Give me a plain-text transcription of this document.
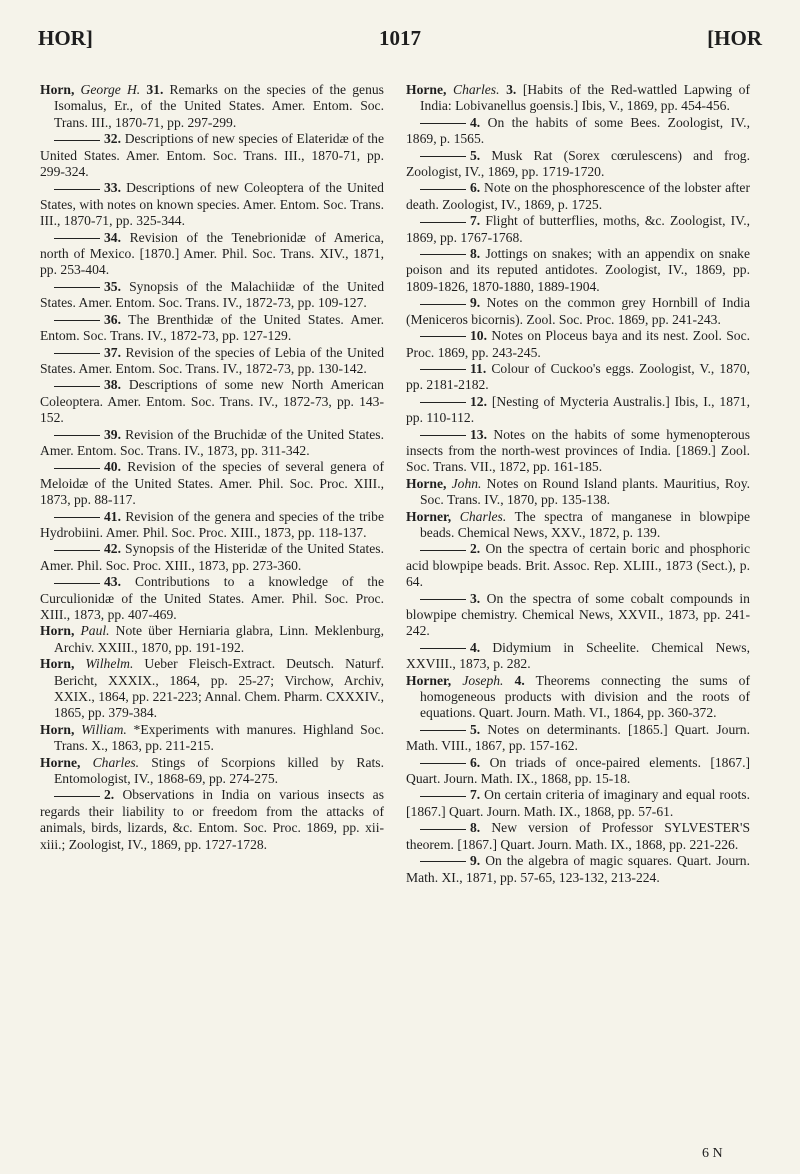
HOR]	1017	[HOR

Horn, George H. 31. Remarks on the species of the genus Isomalus, Er., of the United States. Amer. Entom. Soc. Trans. III., 1870-71, pp. 297-299.

32. Descriptions of new species of Elateridæ of the United States. Amer. Entom. Soc. Trans. III., 1870-71, pp. 299-324.

33. Descriptions of new Coleoptera of the United States, with notes on known species. Amer. Entom. Soc. Trans. III., 1870-71, pp. 325-344.

34. Revision of the Tenebrionidæ of America, north of Mexico. [1870.] Amer. Phil. Soc. Trans. XIV., 1871, pp. 253-404.

35. Synopsis of the Malachiidæ of the United States. Amer. Entom. Soc. Trans. IV., 1872-73, pp. 109-127.

36. The Brenthidæ of the United States. Amer. Entom. Soc. Trans. IV., 1872-73, pp. 127-129.

37. Revision of the species of Lebia of the United States. Amer. Entom. Soc. Trans. IV., 1872-73, pp. 130-142.

38. Descriptions of some new North American Coleoptera. Amer. Entom. Soc. Trans. IV., 1872-73, pp. 143-152.

39. Revision of the Bruchidæ of the United States. Amer. Entom. Soc. Trans. IV., 1873, pp. 311-342.

40. Revision of the species of several genera of Meloidæ of the United States. Amer. Phil. Soc. Proc. XIII., 1873, pp. 88-117.

41. Revision of the genera and species of the tribe Hydrobiini. Amer. Phil. Soc. Proc. XIII., 1873, pp. 118-137.

42. Synopsis of the Histeridæ of the United States. Amer. Phil. Soc. Proc. XIII., 1873, pp. 273-360.

43. Contributions to a knowledge of the Curculionidæ of the United States. Amer. Phil. Soc. Proc. XIII., 1873, pp. 407-469.

Horn, Paul. Note über Herniaria glabra, Linn. Meklenburg, Archiv. XXIII., 1870, pp. 191-192.

Horn, Wilhelm. Ueber Fleisch-Extract. Deutsch. Naturf. Bericht, XXXIX., 1864, pp. 25-27; Virchow, Archiv, XXIX., 1864, pp. 221-223; Annal. Chem. Pharm. CXXXIV., 1865, pp. 379-384.

Horn, William. *Experiments with manures. Highland Soc. Trans. X., 1863, pp. 211-215.

Horne, Charles. Stings of Scorpions killed by Rats. Entomologist, IV., 1868-69, pp. 274-275.

2. Observations in India on various insects as regards their liability to or freedom from the attacks of animals, birds, lizards, &c. Entom. Soc. Proc. 1869, pp. xii-xiii.; Zoologist, IV., 1869, pp. 1727-1728.

Horne, Charles. 3. [Habits of the Red-wattled Lapwing of India: Lobivanellus goensis.] Ibis, V., 1869, pp. 454-456.

4. On the habits of some Bees. Zoologist, IV., 1869, p. 1565.

5. Musk Rat (Sorex cœrulescens) and frog. Zoologist, IV., 1869, pp. 1719-1720.

6. Note on the phosphorescence of the lobster after death. Zoologist, IV., 1869, p. 1725.

7. Flight of butterflies, moths, &c. Zoologist, IV., 1869, pp. 1767-1768.

8. Jottings on snakes; with an appendix on snake poison and its reputed antidotes. Zoologist, IV., 1869, pp. 1809-1826, 1870-1880, 1889-1904.

9. Notes on the common grey Hornbill of India (Meniceros bicornis). Zool. Soc. Proc. 1869, pp. 241-243.

10. Notes on Ploceus baya and its nest. Zool. Soc. Proc. 1869, pp. 243-245.

11. Colour of Cuckoo's eggs. Zoologist, V., 1870, pp. 2181-2182.

12. [Nesting of Mycteria Australis.] Ibis, I., 1871, pp. 110-112.

13. Notes on the habits of some hymenopterous insects from the north-west provinces of India. [1869.] Zool. Soc. Trans. VII., 1872, pp. 161-185.

Horne, John. Notes on Round Island plants. Mauritius, Roy. Soc. Trans. IV., 1870, pp. 135-138.

Horner, Charles. The spectra of manganese in blowpipe beads. Chemical News, XXV., 1872, p. 139.

2. On the spectra of certain boric and phosphoric acid blowpipe beads. Brit. Assoc. Rep. XLIII., 1873 (Sect.), p. 64.

3. On the spectra of some cobalt compounds in blowpipe chemistry. Chemical News, XXVII., 1873, pp. 241-242.

4. Didymium in Scheelite. Chemical News, XXVIII., 1873, p. 282.

Horner, Joseph. 4. Theorems connecting the sums of homogeneous products with division and the roots of equations. Quart. Journ. Math. VI., 1864, pp. 360-372.

5. Notes on determinants. [1865.] Quart. Journ. Math. VIII., 1867, pp. 157-162.

6. On triads of once-paired elements. [1867.] Quart. Journ. Math. IX., 1868, pp. 15-18.

7. On certain criteria of imaginary and equal roots. [1867.] Quart. Journ. Math. IX., 1868, pp. 57-61.

8. New version of Professor SYLVESTER'S theorem. [1867.] Quart. Journ. Math. IX., 1868, pp. 221-226.

9. On the algebra of magic squares. Quart. Journ. Math. XI., 1871, pp. 57-65, 123-132, 213-224.

6 N
